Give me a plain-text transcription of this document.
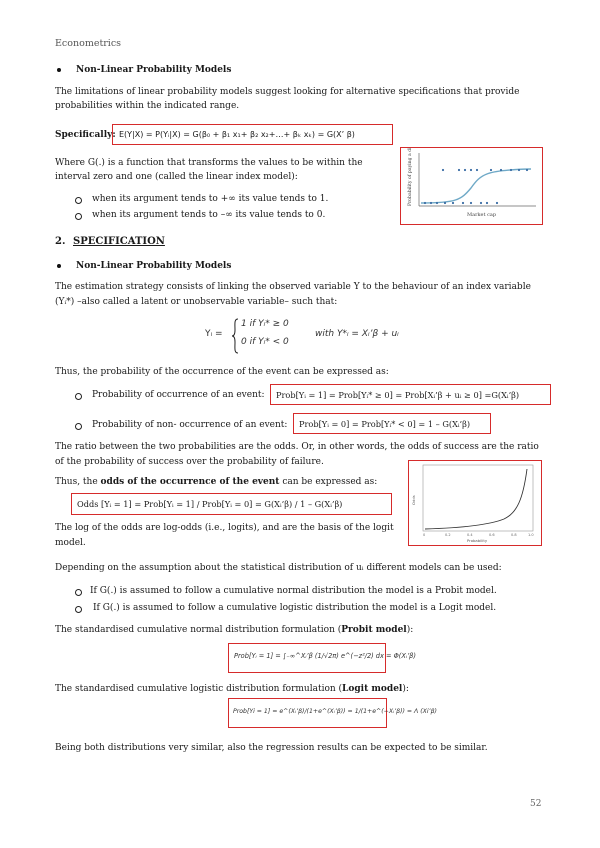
Econometrics
Non-Linear Probability Models
The limitations of linear probability models suggest looking for alternative specifications that provide
probabilities within the indicated range.
Specifically: E(Y|X) = P(Yᵢ|X) = G(β₀ + β₁ x₁+ β₂ x₂+…+ βₖ xₖ) = G(X’ β)
Where G(.) is a function that transforms the values to be within the
interval zero and one (called the linear index model):
when its argument tends to +∞ its value tends to 1.
when its argument tends to –∞ its value tends to 0.
Probability of paying a dividend
Market cap
2. SPECIFICATION
Non-Linear Probability Models
The estimation strategy consists of linking the observed variable Y to the behaviour of an index variable
(Yᵢ*) –also called a latent or unobservable variable– such that:
Yᵢ =
1 if Yᵢ* ≥ 0
0 if Yᵢ* < 0
with Y*ᵢ = Xᵢ’β + uᵢ
Thus, the probability of the occurrence of the event can be expressed as:
Probability of occurrence of an event:	Prob[Yᵢ = 1] = Prob[Yᵢ* ≥ 0] = Prob[Xᵢ’β + uᵢ ≥ 0] =G(Xᵢ’β)
Probability of non- occurrence of an event:	Prob[Yᵢ = 0] = Prob[Yᵢ* < 0] = 1 – G(Xᵢ’β)
The ratio between the two probabilities are the odds. Or, in other words, the odds of success are the ratio
of the probability of success over the probability of failure.
Thus, the odds of the occurrence of the event can be expressed as:
Odds [Yᵢ = 1] = Prob[Yᵢ = 1] / Prob[Yᵢ = 0] = G(Xᵢ’β) / 1 – G(Xᵢ’β)
The log of the odds are log-odds (i.e., logits), and are the basis of the logit
model.
0	0.2	0.4	0.6	0.8	1.0
Odds
Probability
Depending on the assumption about the statistical distribution of uᵢ different models can be used:
If G(.) is assumed to follow a cumulative normal distribution the model is a Probit model.
If G(.) is assumed to follow a cumulative logistic distribution the model is a Logit model.
The standardised cumulative normal distribution formulation (Probit model):
Prob[Yᵢ = 1] = ∫₋∞^Xᵢ’β (1/√2π) e^(−z²/2) dx = Φ(Xᵢ’β)
The standardised cumulative logistic distribution formulation (Logit model):
Prob[Yi = 1] = e^(Xᵢ’β)/(1+e^(Xᵢ’β)) = 1/(1+e^(−Xᵢ’β)) = Λ (Xi’β)
Being both distributions very similar, also the regression results can be expected to be similar.
52
